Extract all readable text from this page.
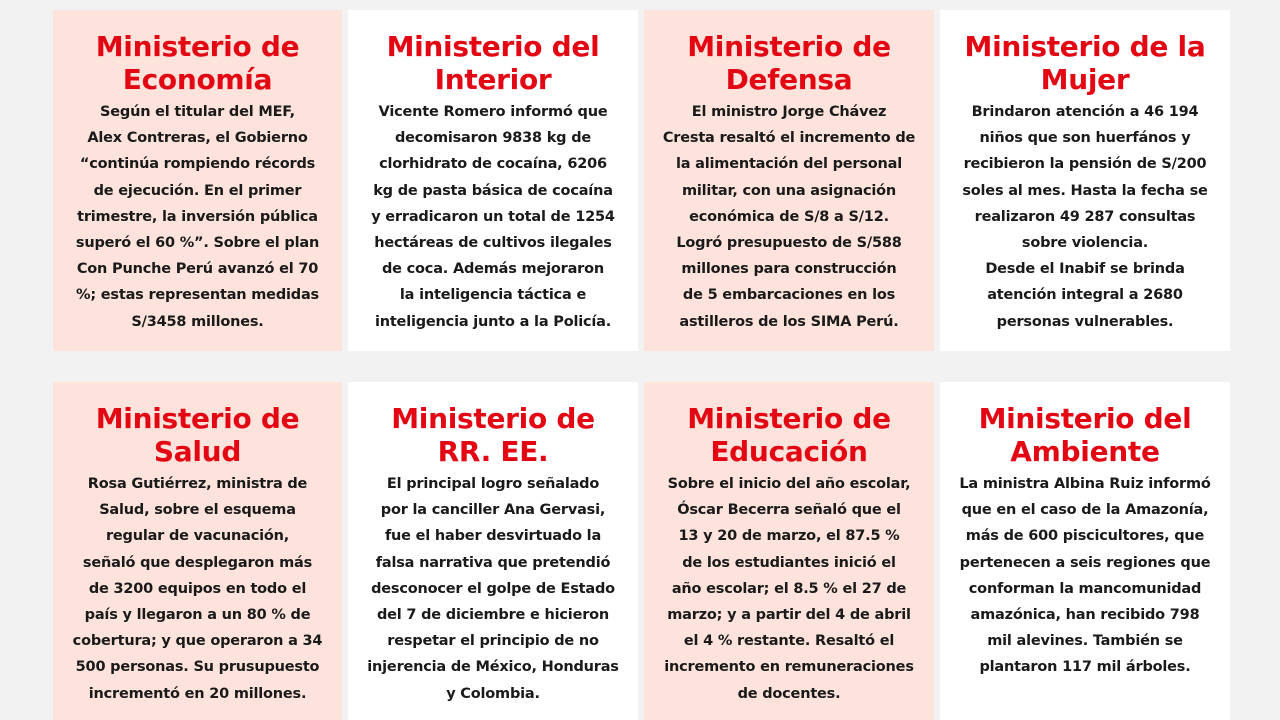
Ministerio de
Economía

Según el titular del MEF,
Alex Contreras, el Gobierno
“continúa rompiendo récords
de ejecución. En el primer
trimestre, la inversión pública
superó el 60 %”. Sobre el plan
Con Punche Perú avanzó el 70
%; estas representan medidas
S/3458 millones.

Ministerio del
Interior

Vicente Romero informó que
decomisaron 9838 kg de
clorhidrato de cocaína, 6206
kg de pasta básica de cocaína
y erradicaron un total de 1254
hectáreas de cultivos ilegales
de coca. Además mejoraron
la inteligencia táctica e
inteligencia junto a la Policía.

Ministerio de
Defensa

El ministro Jorge Chávez
Cresta resaltó el incremento de
la alimentación del personal
militar, con una asignación
económica de S/8 a S/12.
Logró presupuesto de S/588
millones para construcción
de 5 embarcaciones en los
astilleros de los SIMA Perú.

Ministerio de la
Mujer

Brindaron atención a 46 194
niños que son huerfános y
recibieron la pensión de S/200
soles al mes. Hasta la fecha se
realizaron 49 287 consultas
sobre violencia.
Desde el Inabif se brinda
atención integral a 2680
personas vulnerables.

Ministerio de
Salud

Rosa Gutiérrez, ministra de
Salud, sobre el esquema
regular de vacunación,
señaló que desplegaron más
de 3200 equipos en todo el
país y llegaron a un 80 % de
cobertura; y que operaron a 34
500 personas. Su prusupuesto
incrementó en 20 millones.

Ministerio de
RR. EE.

El principal logro señalado
por la canciller Ana Gervasi,
fue el haber desvirtuado la
falsa narrativa que pretendió
desconocer el golpe de Estado
del 7 de diciembre e hicieron
respetar el principio de no
injerencia de México, Honduras
y Colombia.

Ministerio de
Educación

Sobre el inicio del año escolar,
Óscar Becerra señaló que el
13 y 20 de marzo, el 87.5 %
de los estudiantes inició el
año escolar; el 8.5 % el 27 de
marzo; y a partir del 4 de abril
el 4 % restante. Resaltó el
incremento en remuneraciones
de docentes.

Ministerio del
Ambiente

La ministra Albina Ruiz informó
que en el caso de la Amazonía,
más de 600 piscicultores, que
pertenecen a seis regiones que
conforman la mancomunidad
amazónica, han recibido 798
mil alevines. También se
plantaron 117 mil árboles.
